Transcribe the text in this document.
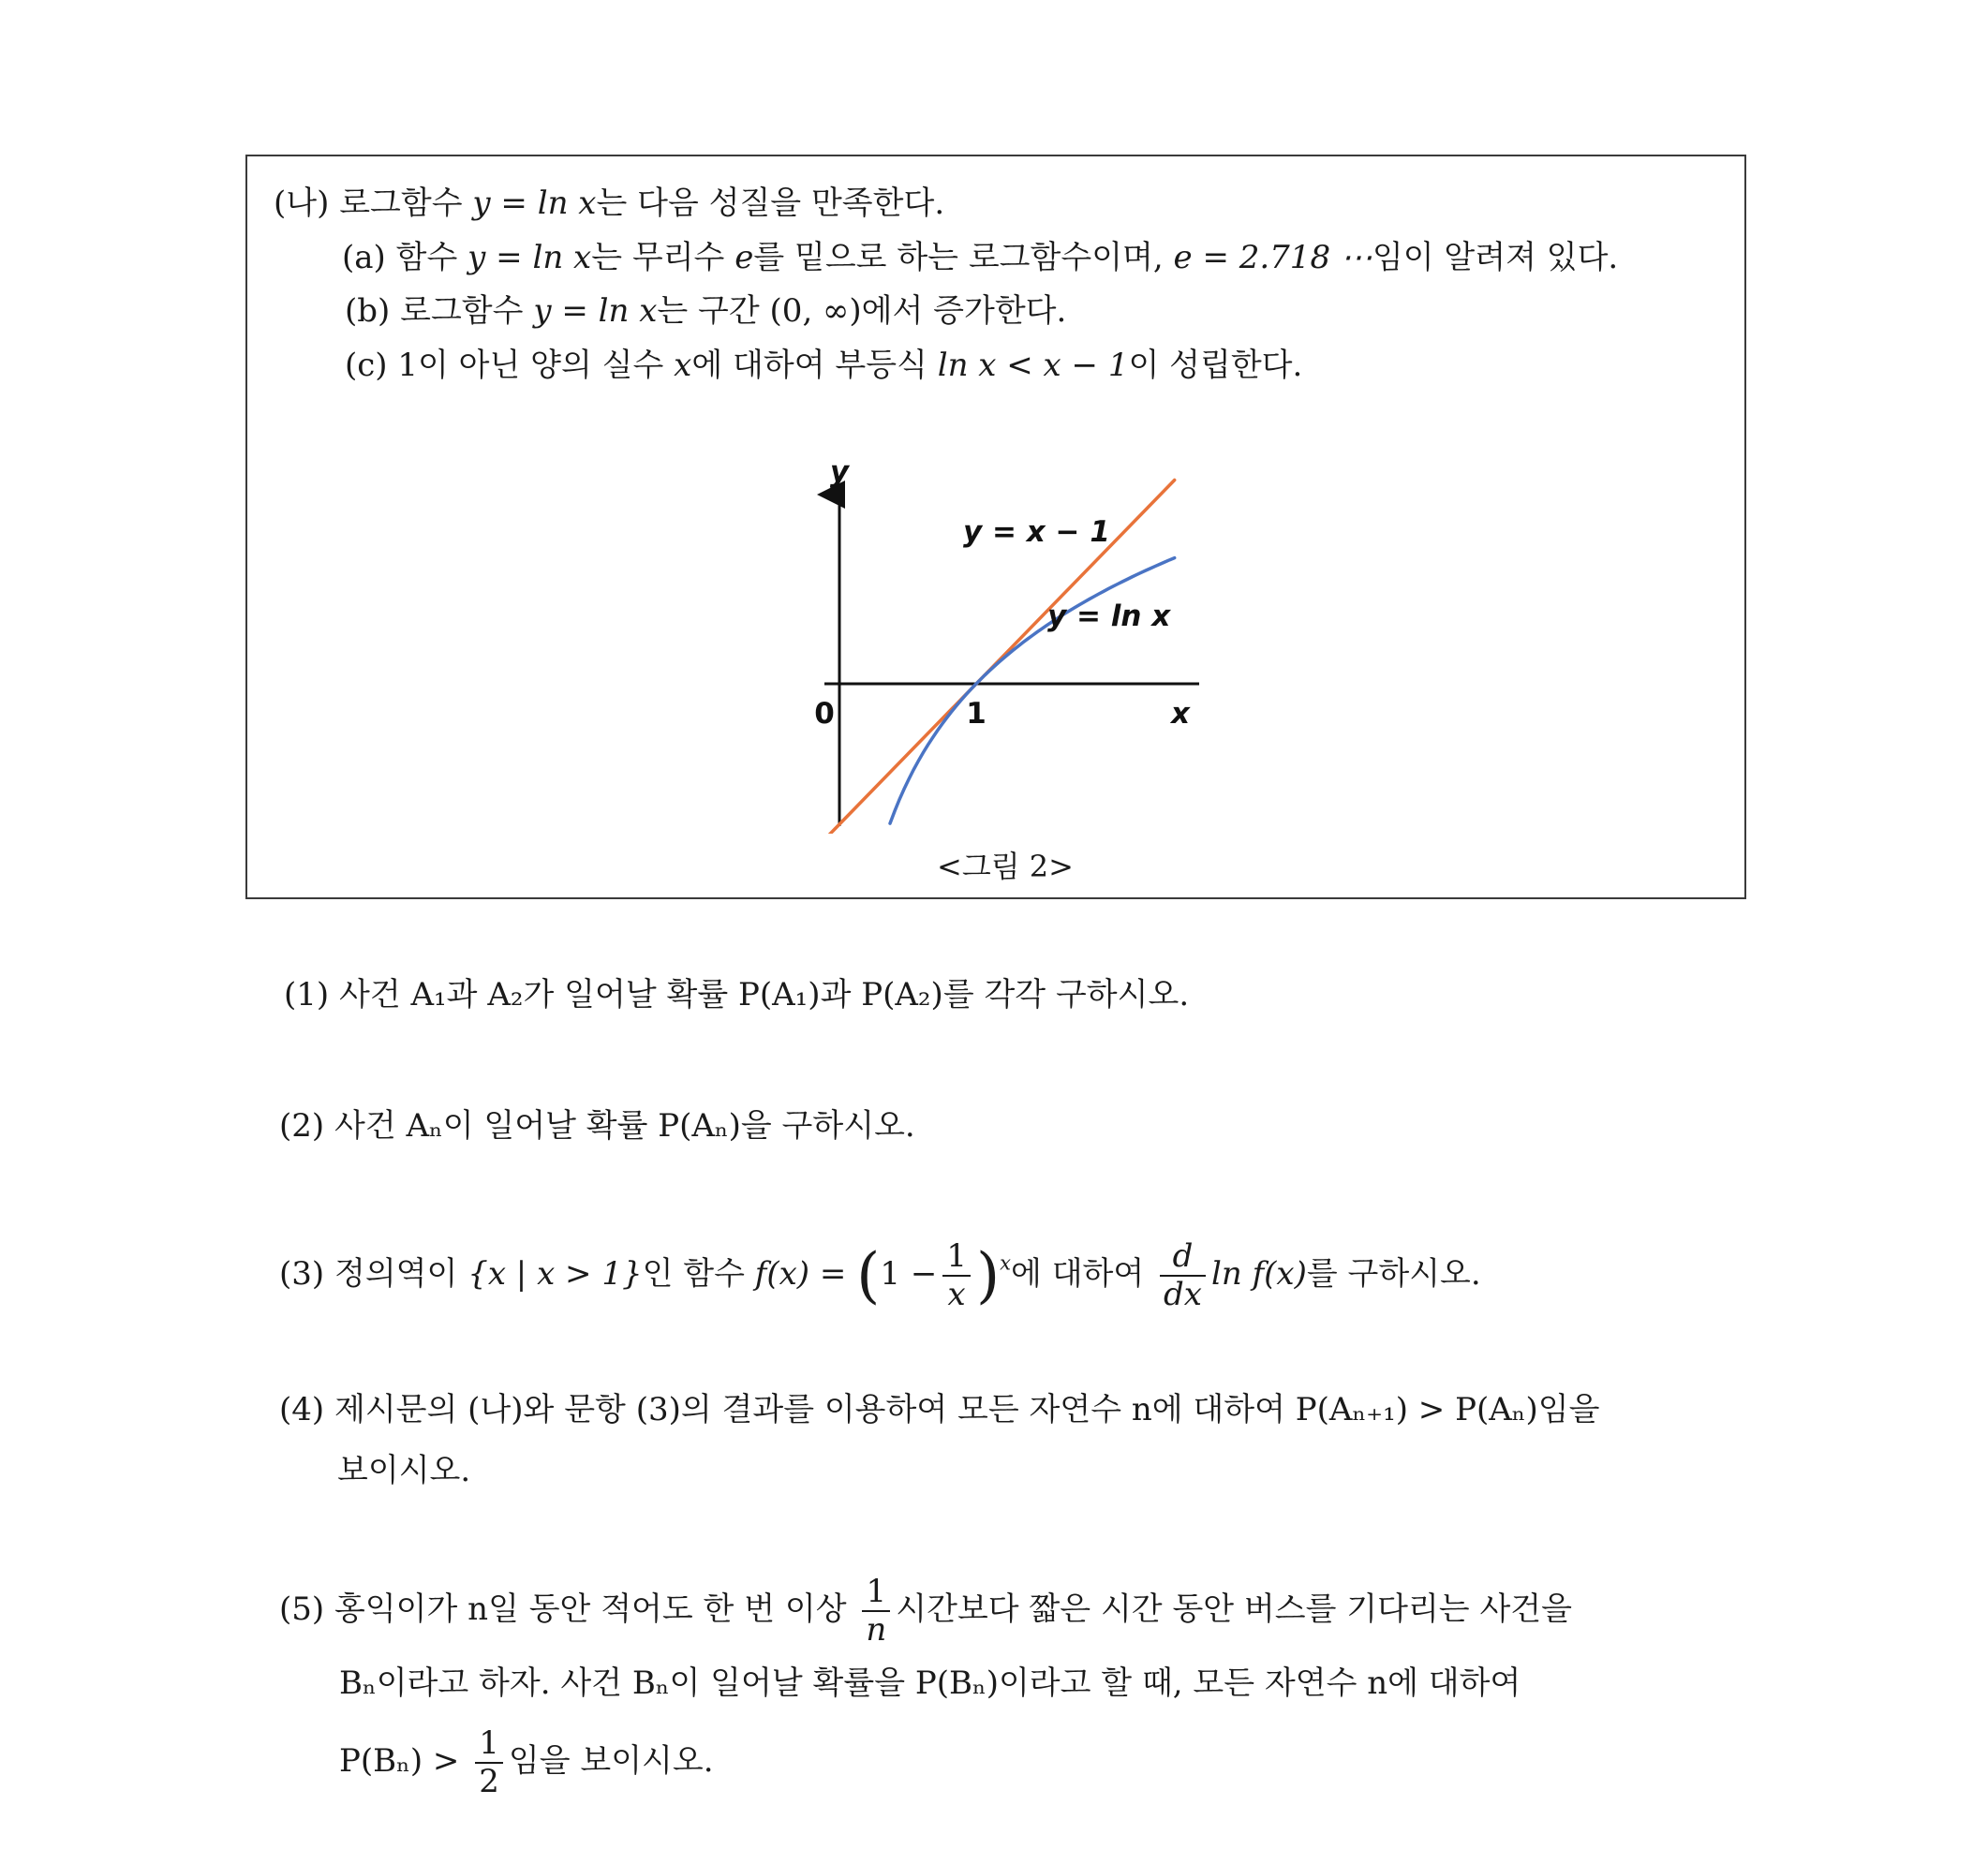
(나) 로그함수 y = ln x는 다음 성질을 만족한다.
(a) 함수 y = ln x는 무리수 e를 밑으로 하는 로그함수이며, e = 2.718 ⋯임이 알려져 있다.
(b) 로그함수 y = ln x는 구간 (0, ∞)에서 증가한다.
(c) 1이 아닌 양의 실수 x에 대하여 부등식 ln x < x − 1이 성립한다.
y
x
0	1
y = x − 1
y = ln x
<그림 2>
(1) 사건 A₁과 A₂가 일어날 확률 P(A₁)과 P(A₂)를 각각 구하시오.
(2) 사건 Aₙ이 일어날 확률 P(Aₙ)을 구하시오.
(3) 정의역이 {x | x > 1}인 함수 $f(x) = (1 - \frac{1}{x} )^x$에 대하여 $\frac{d}{dx}$ ln f(x)를 구하시오.
(4) 제시문의 (나)와 문항 (3)의 결과를 이용하여 모든 자연수 n에 대하여 P(Aₙ₊₁) > P(Aₙ)임을
보이시오.
(5) 홍익이가 n일 동안 적어도 한 번 이상 $\frac{1}{n}$ 시간보다 짧은 시간 동안 버스를 기다리는 사건을
Bₙ이라고 하자. 사건 Bₙ이 일어날 확률을 P(Bₙ)이라고 할 때, 모든 자연수 n에 대하여
$P(B_n) > \frac{1}{2}$ 임을 보이시오.
